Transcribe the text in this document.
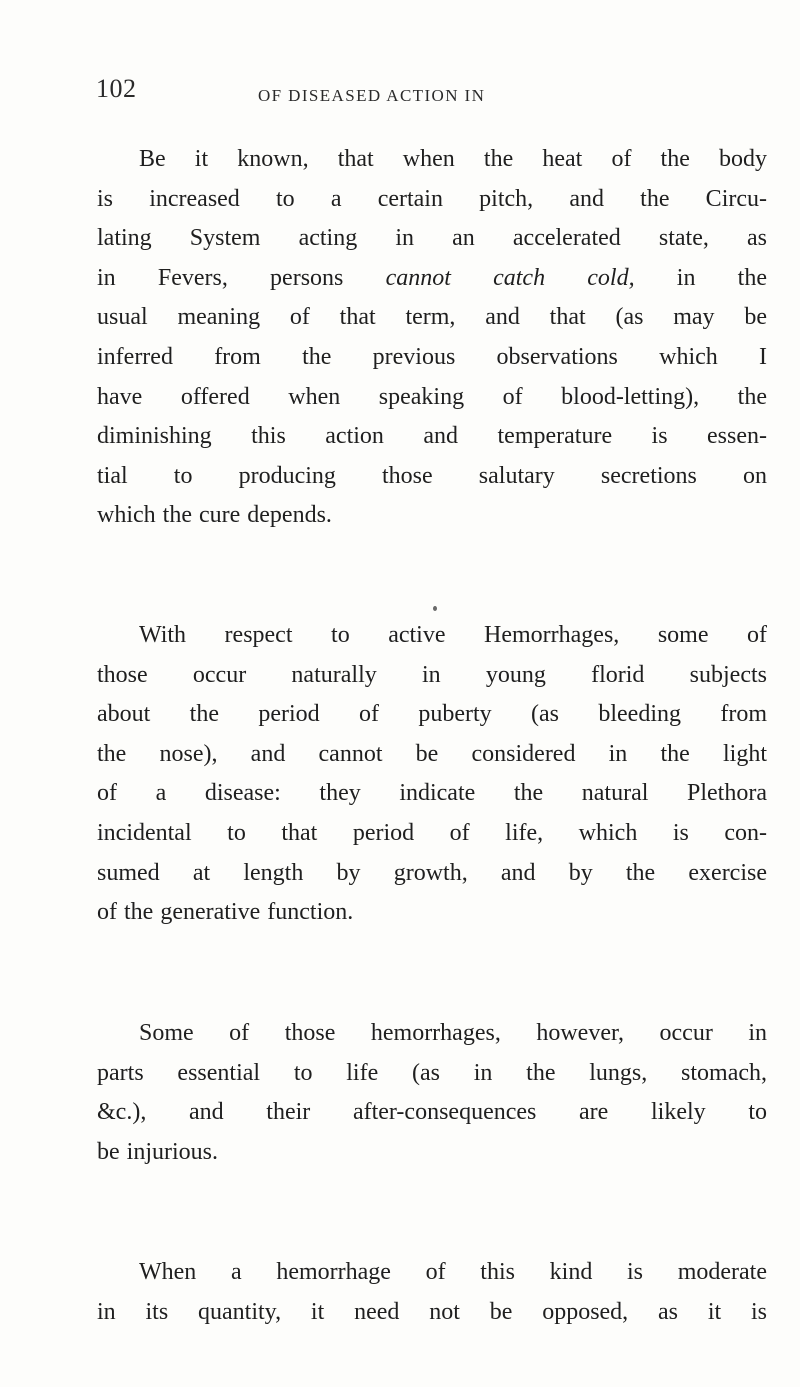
102	OF DISEASED ACTION IN

Be it known, that when the heat of the body
is increased to a certain pitch, and the Circu-
lating System acting in an accelerated state, as
in Fevers, persons cannot catch cold, in the
usual meaning of that term, and that (as may be
inferred from the previous observations which I
have offered when speaking of blood-letting), the
diminishing this action and temperature is essen-
tial to producing those salutary secretions on
which the cure depends.

With respect to active Hemorrhages, some of
those occur naturally in young florid subjects
about the period of puberty (as bleeding from
the nose), and cannot be considered in the light
of a disease: they indicate the natural Plethora
incidental to that period of life, which is con-
sumed at length by growth, and by the exercise
of the generative function.

Some of those hemorrhages, however, occur in
parts essential to life (as in the lungs, stomach,
&c.), and their after-consequences are likely to
be injurious.

When a hemorrhage of this kind is moderate
in its quantity, it need not be opposed, as it is
